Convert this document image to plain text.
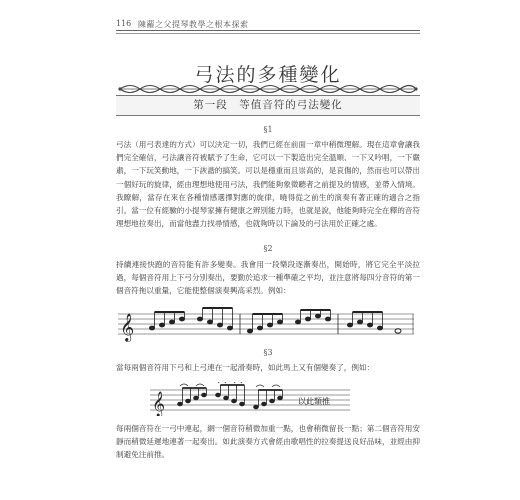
116 陳蘿之父提琴教學之根本探索
弓法的多種變化
第一段　等值音符的弓法變化
§1

弓法（用弓表達的方式）可以決定一切，我們已經在前面一章中稍微理解。現在這章會讓我們完全確信，弓法讓音符被賦予了生命，它可以一下製造出完全溫順、一下又吟唱，一下嚴肅，一下玩笑動地，一下詼諧的搞笑。可以是穩重而且崇高的，是哀傷的，然而也可以帶出一個好玩的旋律，經由理想地使用弓法，我們能夠象徵聽者之前提及的情感，並帶入情境。我瞭解，當存在來在各種情感選擇對應的旋律，曉得從之前生的演奏有著正確的適合之指引。當一位有經驗的小提琴家擁有健康之辨別能力時，也就是說，他能夠時完全在釋的音符理想地拉奏出，而當他盡力找尋情感，也就夠時以下論及的弓法用於正確之處。

§2

持續連接快跑的音符能有許多變奏。我會用一段樂段逐漸奏出，開始時，將它完全平淡拉過，每個音符用上下弓分別奏出，要勤於追求一種準確之平均，並注意將每四分音符的第一個音符拖以重量，它能使整個演奏興高采烈。例如：

𝄞
§3

當每兩個音符用下弓和上弓連在一起滑奏時，如此馬上又有個變奏了，例如：

𝄞	以此類推

每兩個音符在一弓中連起，網一個音符稍微加重一點，也會稍微留長一點；第二個音符用安靜而稍微延遲地連著一起奏出。如此演奏方式會經由歌唱性的拉奏提送良好品味，並經由抑制避免注前推。
